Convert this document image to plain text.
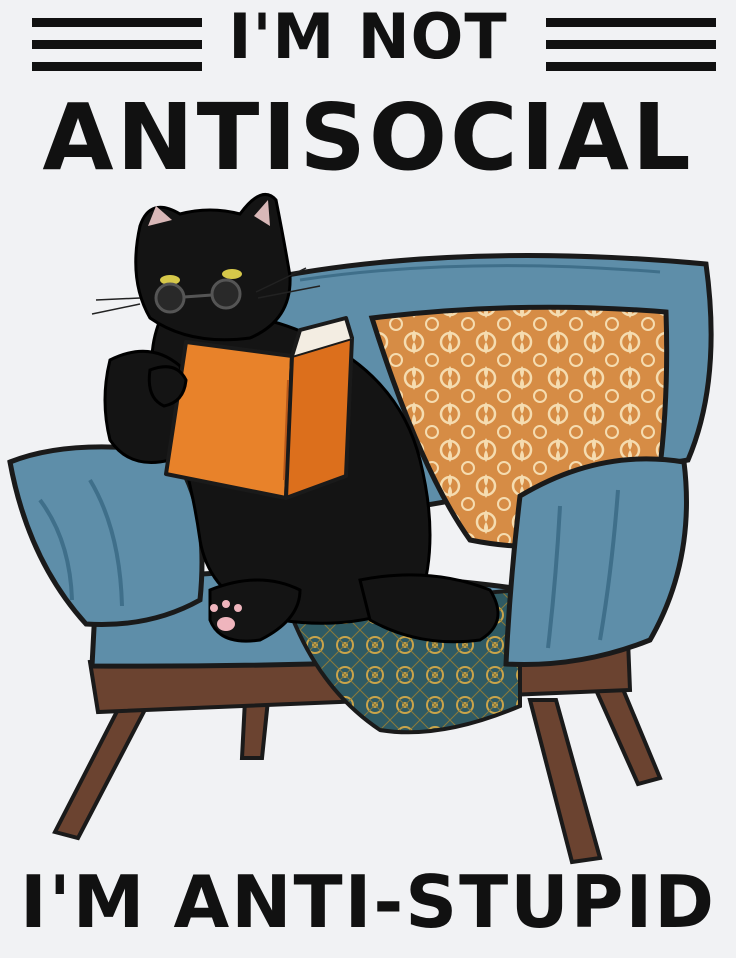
I'M NOT
ANTISOCIAL
I'M ANTI-STUPID
